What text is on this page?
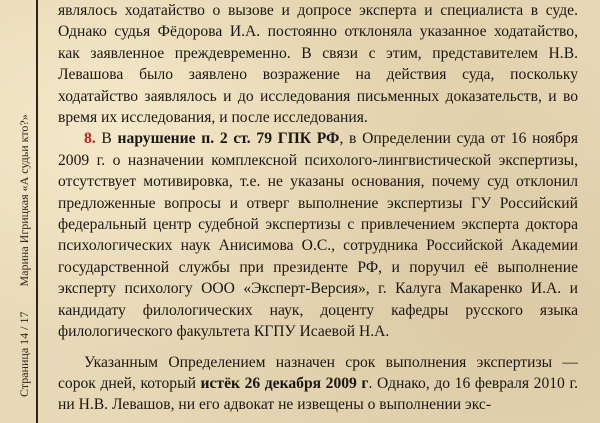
Страница 14 / 17 Марина Игрицкая «А судьи кто?»

являлось ходатайство о вызове и допросе эксперта и специалиста в суде. Однако судья Фёдорова И.А. постоянно отклоняла указанное ходатайство, как заявленное преждевременно. В связи с этим, представителем Н.В. Левашова было заявлено возражение на действия суда, поскольку ходатайство заявлялось и до исследования письменных доказательств, и во время их исследования, и после исследования.

8. В нарушение п. 2 ст. 79 ГПК РФ, в Определении суда от 16 ноября 2009 г. о назначении комплексной психолого-лингвистической экспертизы, отсутствует мотивировка, т.е. не указаны основания, почему суд отклонил предложенные вопросы и отверг выполнение экспертизы ГУ Российский федеральный центр судебной экспертизы с привлечением эксперта доктора психологических наук Анисимова О.С., сотрудника Российской Академии государственной службы при президенте РФ, и поручил её выполнение эксперту психологу ООО «Эксперт-Версия», г. Калуга Макаренко И.А. и кандидату филологических наук, доценту кафедры русского языка филологического факультета КГПУ Исаевой Н.А.

Указанным Определением назначен срок выполнения экспертизы — сорок дней, который истёк 26 декабря 2009 г. Однако, до 16 февраля 2010 г. ни Н.В. Левашов, ни его адвокат не извещены о выполнении экс-
